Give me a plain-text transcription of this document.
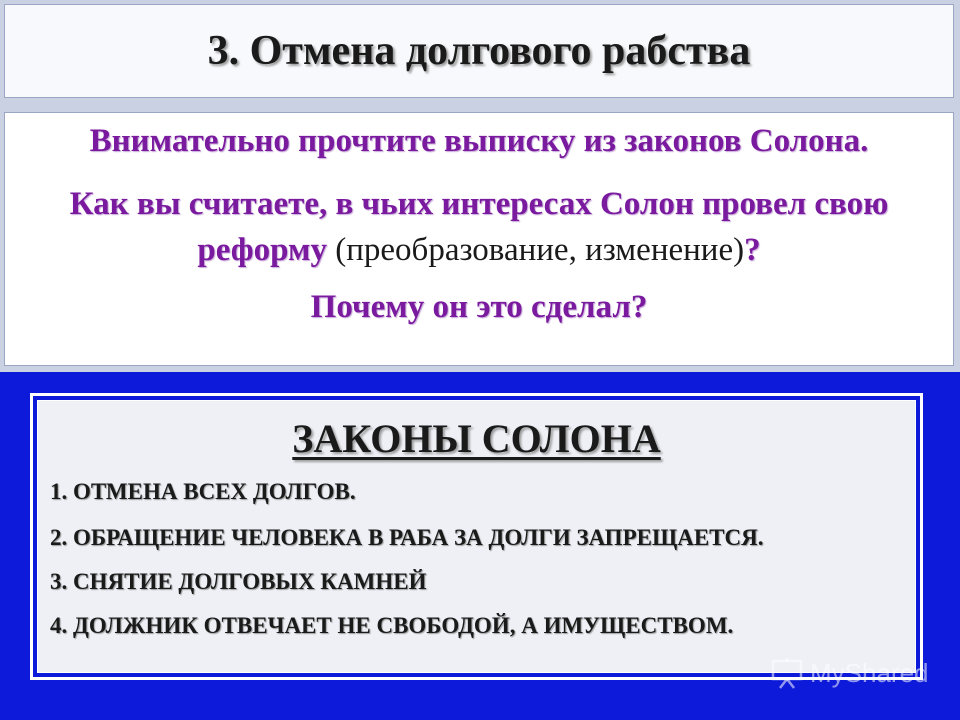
3. Отмена долгового рабства
Внимательно прочтите выписку из законов Солона.
Как вы считаете, в чьих интересах Солон провел свою реформу (преобразование, изменение)?
Почему он это сделал?
ЗАКОНЫ СОЛОНА
1. ОТМЕНА ВСЕХ ДОЛГОВ.
2. ОБРАЩЕНИЕ ЧЕЛОВЕКА В РАБА ЗА ДОЛГИ ЗАПРЕЩАЕТСЯ.
3. СНЯТИЕ ДОЛГОВЫХ КАМНЕЙ
4. ДОЛЖНИК ОТВЕЧАЕТ НЕ СВОБОДОЙ, А ИМУЩЕСТВОМ.
MyShared
